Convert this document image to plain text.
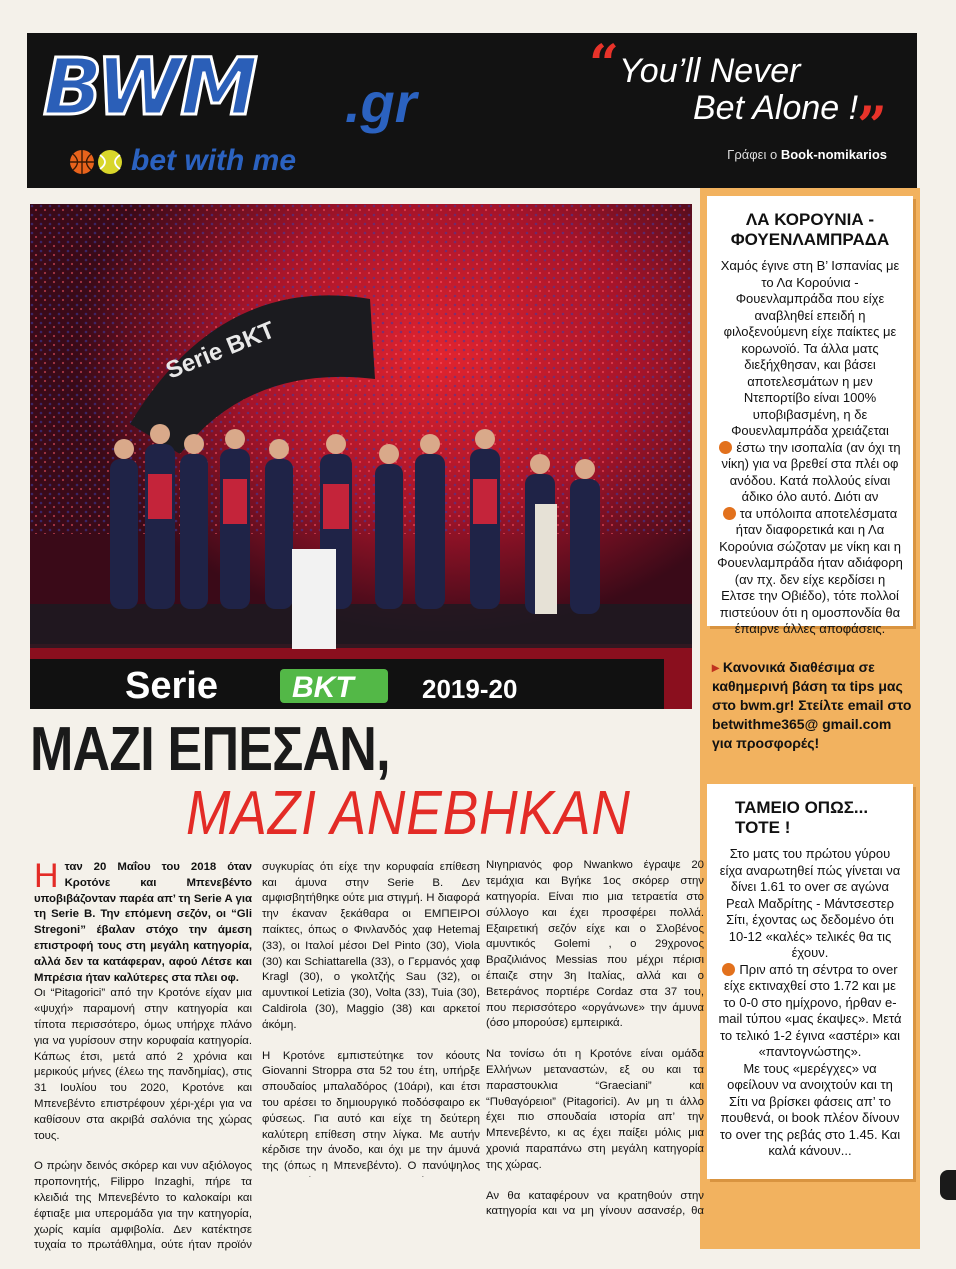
BWM .gr
bet with me
“ You’ll Never
Bet Alone !
”
Γράφει ο Book-nomikarios
ΛΑ ΚΟΡΟΥΝΙΑ - ΦΟΥΕΝΛΑΜΠΡΑΔΑ

Χαμός έγινε στη Β’ Ισπανίας με το Λα Κορούνια - Φουενλαμπράδα που είχε αναβληθεί επειδή η φιλοξενούμενη είχε παίκτες με κορωνοϊό. Τα άλλα ματς διεξήχθησαν, και βάσει αποτελεσμάτων η μεν Ντεπορτίβο είναι 100% υποβιβασμένη, η δε Φουενλαμπράδα χρειάζεται

έστω την ισοπαλία (αν όχι τη νίκη) για να βρεθεί στα πλέι οφ ανόδου. Κατά πολλούς είναι άδικο όλο αυτό. Διότι αν

τα υπόλοιπα αποτελέσματα ήταν διαφορετικά και η Λα Κορούνια σώζοταν με νίκη και η Φουενλαμπράδα ήταν αδιάφορη (αν πχ. δεν είχε κερδίσει η Ελτσε την Οβιέδο), τότε πολλοί πιστεύουν ότι η ομοσπονδία θα έπαιρνε άλλες αποφάσεις.

▸ Κανονικά διαθέσιμα σε καθημερινή βάση τα tips μας στο bwm.gr! Στείλτε email στο betwithme365@ gmail.com για προσφορές!
ΤΑΜΕΙΟ ΟΠΩΣ... ΤΟΤΕ !

Στο ματς του πρώτου γύρου είχα αναρωτηθεί πώς γίνεται να δίνει 1.61 το over σε αγώνα Ρεαλ Μαδρίτης - Μάντσεστερ Σίτι, έχοντας ως δεδομένο ότι 10-12 «καλές» τελικές θα τις έχουν.

Πριν από τη σέντρα το over είχε εκτιναχθεί στο 1.72 και με το 0-0 στο ημίχρονο, ήρθαν e-mail τύπου «μας έκαψες». Μετά το τελικό 1-2 έγινα «αστέρι» και «παντογνώστης».

Με τους «μερέγχες» να οφείλουν να ανοιχτούν και τη Σίτι να βρίσκει φάσεις απ’ το πουθενά, οι book πλέον δίνουν το over της ρεβάς στο 1.45. Και καλά κάνουν...

Serie BKT
Serie BKT	2019-20
ΜΑΖΙ ΕΠΕΣΑΝ,
ΜΑΖΙ ΑΝΕΒΗΚΑΝ

Ηταν 20 Μαΐου του 2018 όταν Κροτόνε και Μπενεβέντο υποβιβάζονταν παρέα απ’ τη Serie A για τη Serie B. Την επόμενη σεζόν, οι “Gli Stregoni” έβαλαν στόχο την άμεση επιστροφή τους στη μεγάλη κατηγορία, αλλά δεν τα κατάφεραν, αφού Λέτσε και Μπρέσια ήταν καλύτερες στα πλει οφ.

Οι “Pitagorici” από την Κροτόνε είχαν μια «ψυχή» παραμονή στην κατηγορία και τίποτα περισσότερο, όμως υπήρχε πλάνο για να γυρίσουν στην κορυφαία κατηγορία. Κάπως έτσι, μετά από 2 χρόνια και μερικούς μήνες (έλεω της πανδημίας), στις 31 Ιουλίου του 2020, Κροτόνε και Μπενεβέντο επιστρέφουν χέρι-χέρι για να καθίσουν στα ακριβά σαλόνια της χώρας τους.

Ο πρώην δεινός σκόρερ και νυν αξιόλογος προπονητής, Filippo Inzaghi, πήρε τα κλειδιά της Μπενεβέντο το καλοκαίρι και έφτιαξε μια υπερομάδα για την κατηγορία, χωρίς καμία αμφιβολία. Δεν κατέκτησε τυχαία το πρωτάθλημα, ούτε ήταν προϊόν

συγκυρίας ότι είχε την κορυφαία επίθεση και άμυνα στην Serie B. Δεν αμφισβητήθηκε ούτε μια στιγμή. Η διαφορά την έκαναν ξεκάθαρα οι ΕΜΠΕΙΡΟΙ παίκτες, όπως ο Φινλανδός χαφ Hetemaj (33), οι Ιταλοί μέσοι Del Pinto (30), Viola (30) και Schiattarella (33), ο Γερμανός χαφ Kragl (30), ο γκολτζής Sau (32), οι αμυντικοί Letizia (30), Volta (33), Tuia (30), Caldirola (30), Maggio (38) και αρκετοί άκόμη.

Η Κροτόνε εμπιστεύτηκε τον κόουτς Giovanni Stroppa στα 52 του έτη, υπήρξε σπουδαίος μπαλαδόρος (10άρι), και έτσι του αρέσει το δημιουργικό ποδόσφαιρο εκ φύσεως. Για αυτό και είχε τη δεύτερη καλύτερη επίθεση στην λίγκα. Με αυτήν κέρδισε την άνοδο, και όχι με την άμυνά της (όπως η Μπενεβέντο). Ο πανύψηλος

Νιγηριανός φορ Nwankwo έγραψε 20 τεμάχια και Βγήκε 1ος σκόρερ στην κατηγορία. Είναι πιο μια τετραετία στο σύλλογο και έχει προσφέρει πολλά. Εξαιρετική σεζόν είχε και ο Σλοβένος αμυντικός Golemi , ο 29χρονος Βραζιλιάνος Messias που μέχρι πέρισι έπαιζε στην 3η Ιταλίας, αλλά και ο Βετεράνος πορτιέρε Cordaz στα 37 του, που περισσότερο «οργάνωνε» την άμυνα (όσο μπορούσε) εμπειρικά.

Να τονίσω ότι η Κροτόνε είναι ομάδα Ελλήνων μεταναστών, εξ ου και τα παραστουκλια “Graeciani” και “Πυθαγόρειοι” (Pitagorici). Αν μη τι άλλο έχει πιο σπουδαία ιστορία απ’ την Μπενεβέντο, κι ας έχει παίξει μόλις μια χρονιά παραπάνω στη μεγάλη κατηγορία της χώρας.

Αν θα καταφέρουν να κρατηθούν στην κατηγορία και να μη γίνουν ασανσέρ, θα
